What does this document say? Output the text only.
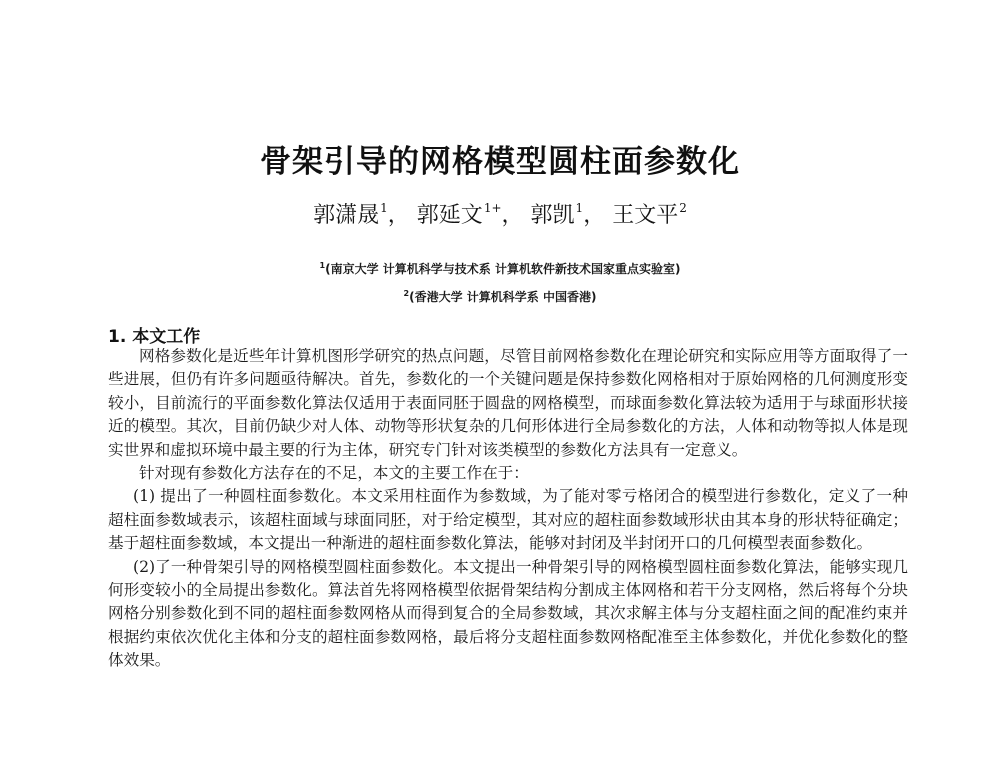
骨架引导的网格模型圆柱面参数化
郭潇晟$^1$， 郭延文$^{1+}$， 郭凯$^1$， 王文平$^2$
$^1$(南京大学 计算机科学与技术系 计算机软件新技术国家重点实验室)
$^2$(香港大学 计算机科学系 中国香港)
1. 本文工作

网格参数化是近些年计算机图形学研究的热点问题，尽管目前网格参数化在理论研究和实际应用等方面取得了一些进展，但仍有许多问题亟待解决。首先，参数化的一个关键问题是保持参数化网格相对于原始网格的几何测度形变较小，目前流行的平面参数化算法仅适用于表面同胚于圆盘的网格模型，而球面参数化算法较为适用于与球面形状接近的模型。其次，目前仍缺少对人体、动物等形状复杂的几何形体进行全局参数化的方法，人体和动物等拟人体是现实世界和虚拟环境中最主要的行为主体，研究专门针对该类模型的参数化方法具有一定意义。

针对现有参数化方法存在的不足，本文的主要工作在于：

(1) 提出了一种圆柱面参数化。本文采用柱面作为参数域，为了能对零亏格闭合的模型进行参数化，定义了一种超柱面参数域表示，该超柱面域与球面同胚，对于给定模型，其对应的超柱面参数域形状由其本身的形状特征确定；基于超柱面参数域，本文提出一种渐进的超柱面参数化算法，能够对封闭及半封闭开口的几何模型表面参数化。

(2)了一种骨架引导的网格模型圆柱面参数化。本文提出一种骨架引导的网格模型圆柱面参数化算法，能够实现几何形变较小的全局提出参数化。算法首先将网格模型依据骨架结构分割成主体网格和若干分支网格，然后将每个分块网格分别参数化到不同的超柱面参数网格从而得到复合的全局参数域，其次求解主体与分支超柱面之间的配准约束并根据约束依次优化主体和分支的超柱面参数网格，最后将分支超柱面参数网格配准至主体参数化，并优化参数化的整体效果。
